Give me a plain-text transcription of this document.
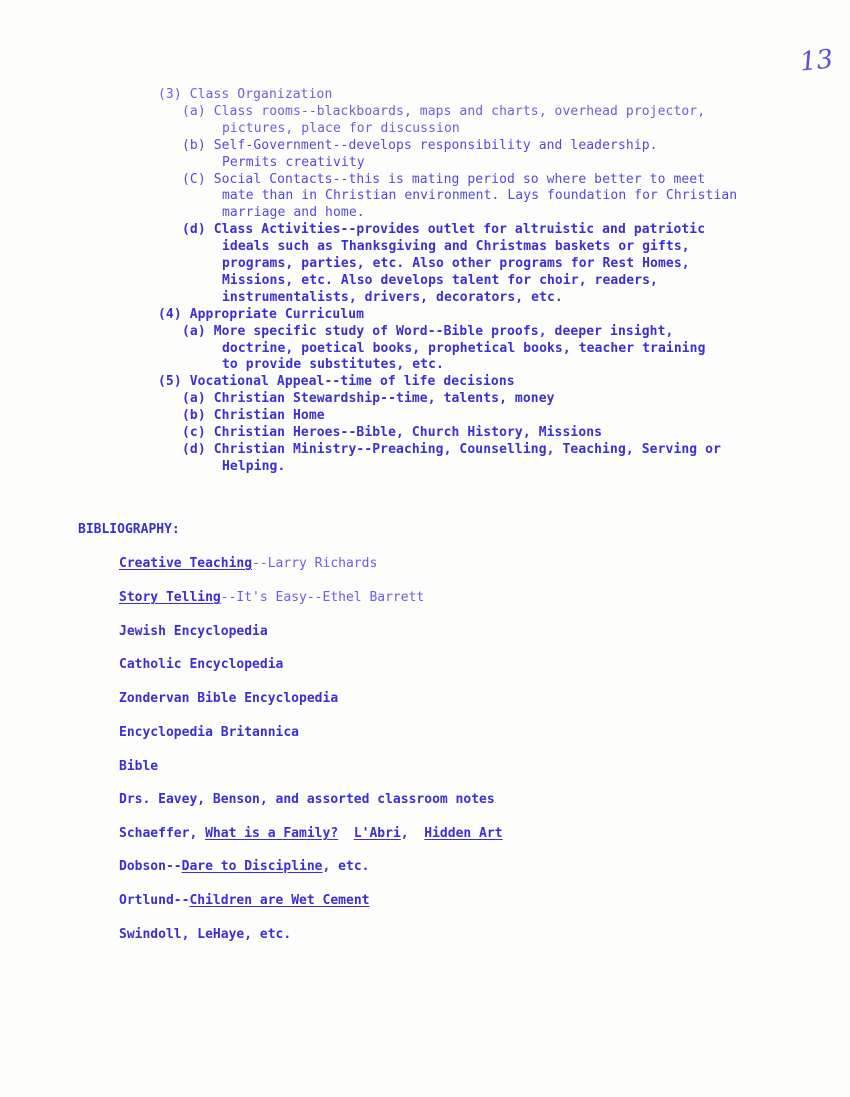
13
(3) Class Organization
(a) Class rooms--blackboards, maps and charts, overhead projector,
pictures, place for discussion
(b) Self-Government--develops responsibility and leadership.
Permits creativity
(C) Social Contacts--this is mating period so where better to meet
mate than in Christian environment. Lays foundation for Christian
marriage and home.
(d) Class Activities--provides outlet for altruistic and patriotic
ideals such as Thanksgiving and Christmas baskets or gifts,
programs, parties, etc. Also other programs for Rest Homes,
Missions, etc. Also develops talent for choir, readers,
instrumentalists, drivers, decorators, etc.
(4) Appropriate Curriculum
(a) More specific study of Word--Bible proofs, deeper insight,
doctrine, poetical books, prophetical books, teacher training
to provide substitutes, etc.
(5) Vocational Appeal--time of life decisions
(a) Christian Stewardship--time, talents, money
(b) Christian Home
(c) Christian Heroes--Bible, Church History, Missions
(d) Christian Ministry--Preaching, Counselling, Teaching, Serving or
Helping.
BIBLIOGRAPHY:
Creative Teaching--Larry Richards
Story Telling--It's Easy--Ethel Barrett
Jewish Encyclopedia
Catholic Encyclopedia
Zondervan Bible Encyclopedia
Encyclopedia Britannica
Bible
Drs. Eavey, Benson, and assorted classroom notes
Schaeffer, What is a Family? L'Abri,  Hidden Art
Dobson--Dare to Discipline, etc.
Ortlund--Children are Wet Cement
Swindoll, LeHaye, etc.
